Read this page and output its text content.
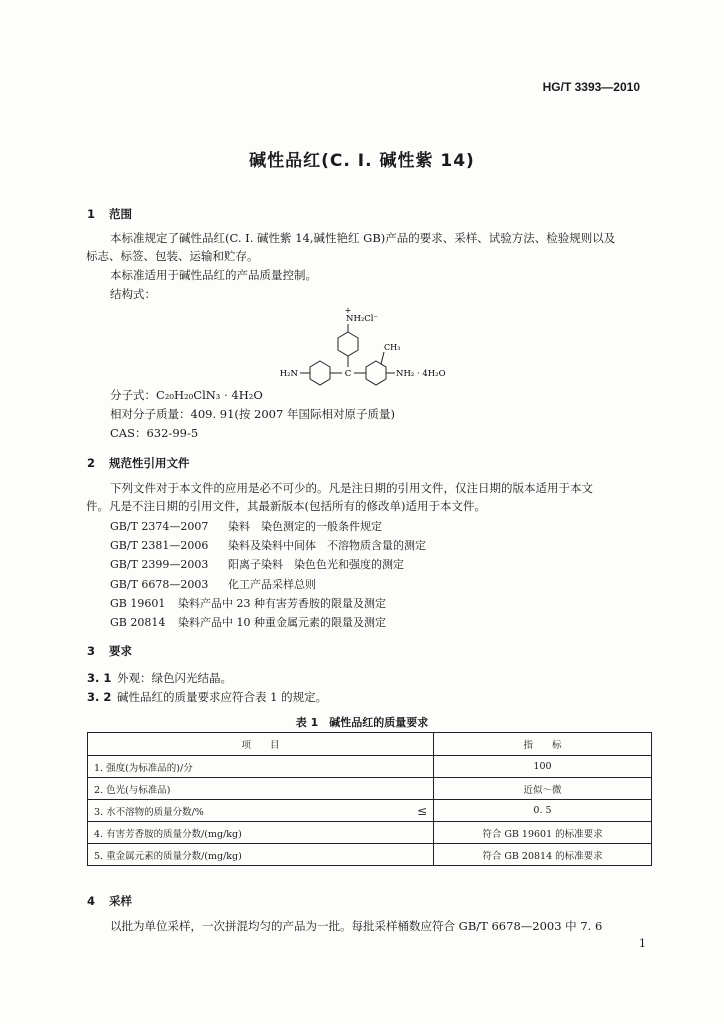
HG/T 3393—2010
碱性品红(C. I. 碱性紫 14)
1 范围
本标准规定了碱性品红(C. I. 碱性紫 14,碱性艳红 GB)产品的要求、采样、试验方法、检验规则以及
标志、标签、包装、运输和贮存。
本标准适用于碱性品红的产品质量控制。
结构式：
+
NH₂Cl⁻
H₂N	C
CH₃
NH₂ · 4H₂O
分子式：C₂₀H₂₀ClN₃ · 4H₂O
相对分子质量：409. 91(按 2007 年国际相对原子质量)
CAS：632-99-5
2 规范性引用文件
下列文件对于本文件的应用是必不可少的。凡是注日期的引用文件，仅注日期的版本适用于本文
件。凡是不注日期的引用文件，其最新版本(包括所有的修改单)适用于本文件。
GB/T 2374—2007 染料　染色测定的一般条件规定
GB/T 2381—2006 染料及染料中间体　不溶物质含量的测定
GB/T 2399—2003 阳离子染料　染色色光和强度的测定
GB/T 6678—2003 化工产品采样总则
GB 19601 染料产品中 23 种有害芳香胺的限量及测定
GB 20814 染料产品中 10 种重金属元素的限量及测定
3 要求
3. 1 外观：绿色闪光结晶。
3. 2 碱性品红的质量要求应符合表 1 的规定。
表 1　碱性品红的质量要求
项　　目		指　　标
1. 强度(为标准品的)/分		100
2. 色光(与标准品)		近似～微
3. 水不溶物的质量分数/%	≤	0. 5
4. 有害芳香胺的质量分数/(mg/kg)		符合 GB 19601 的标准要求
5. 重金属元素的质量分数/(mg/kg)		符合 GB 20814 的标准要求
4 采样
以批为单位采样，一次拼混均匀的产品为一批。每批采样桶数应符合 GB/T 6678—2003 中 7. 6
1
